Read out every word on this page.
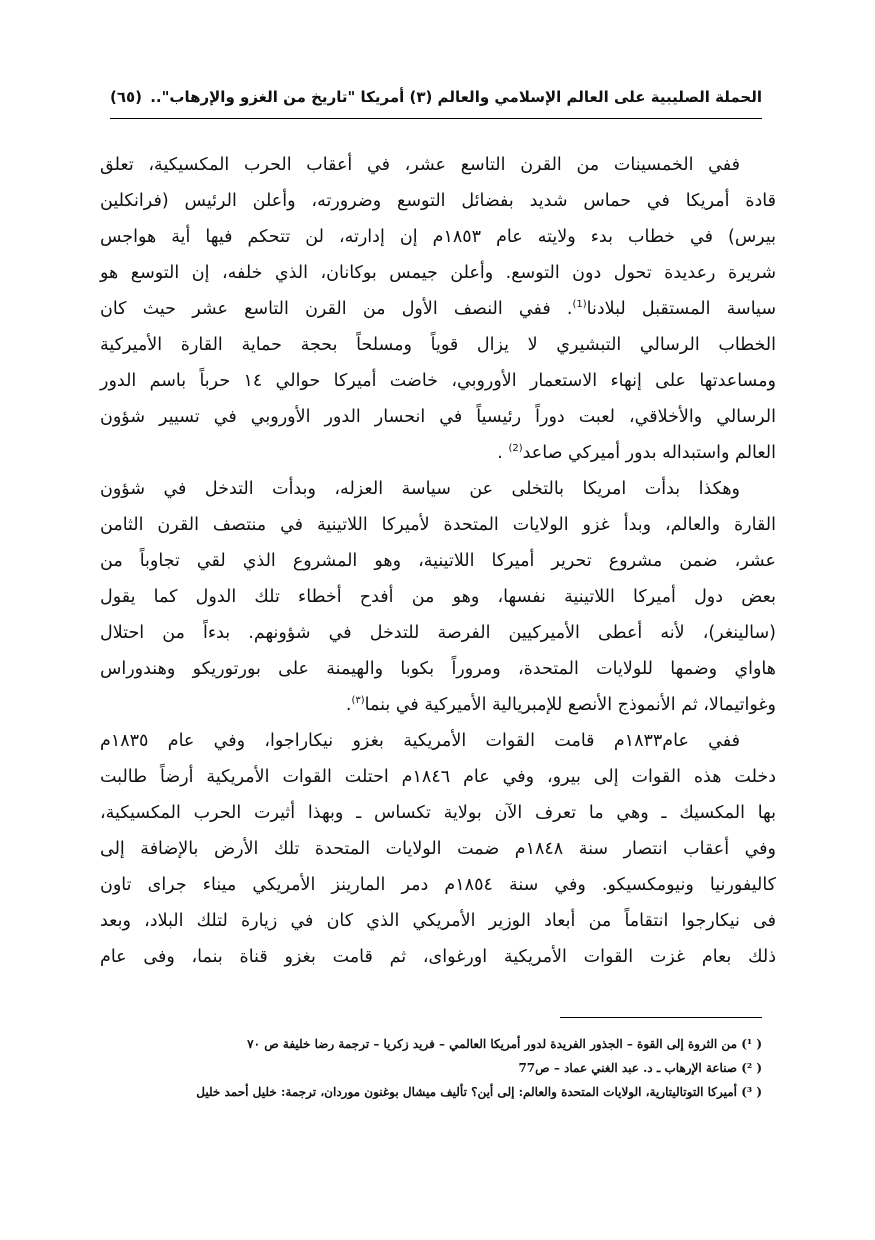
الحملة الصليبية على العالم الإسلامي والعالم (٣) أمريكا "تاريخ من الغزو والإرهاب"..
(٦٥)
ففي الخمسينات من القرن التاسع عشر، في أعقاب الحرب المكسيكية، تعلق
قادة أمريكا في حماس شديد بفضائل التوسع وضرورته، وأعلن الرئيس (فرانكلين
بيرس) في خطاب بدء ولايته عام ١٨٥٣م إن إدارته، لن تتحكم فيها أية هواجس
شريرة رعديدة تحول دون التوسع. وأعلن جيمس بوكانان، الذي خلفه، إن التوسع هو
سياسة المستقبل لبلادنا$^{(1)}$. ففي النصف الأول من القرن التاسع عشر حيث كان
الخطاب الرسالي التبشيري لا يزال قوياً ومسلحاً بحجة حماية القارة الأميركية
ومساعدتها على إنهاء الاستعمار الأوروبي، خاضت أميركا حوالي ١٤ حرباً باسم الدور
الرسالي والأخلاقي، لعبت دوراً رئيسياً في انحسار الدور الأوروبي في تسيير شؤون
العالم واستبداله بدور أميركي صاعد$^{(2)}$ .
وهكذا بدأت امريكا بالتخلى عن سياسة العزله، وبدأت التدخل في شؤون
القارة والعالم، وبدأ غزو الولايات المتحدة لأميركا اللاتينية في منتصف القرن الثامن
عشر، ضمن مشروع تحرير أميركا اللاتينية، وهو المشروع الذي لقي تجاوباً من
بعض دول أميركا اللاتينية نفسها، وهو من أفدح أخطاء تلك الدول كما يقول
(سالينغر)، لأنه أعطى الأميركيين الفرصة للتدخل في شؤونهم. بدءاً من احتلال
هاواي وضمها للولايات المتحدة، ومروراً بكوبا والهيمنة على بورتوريكو وهندوراس
وغواتيمالا، ثم الأنموذج الأنصع للإمبريالية الأميركية في بنما$^{(٣)}$.
ففي عام١٨٣٣م قامت القوات الأمريكية بغزو نيكاراجوا، وفي عام ١٨٣٥م
دخلت هذه القوات إلى بيرو، وفي عام ١٨٤٦م احتلت القوات الأمريكية أرضاً طالبت
بها المكسيك ـ وهي ما تعرف الآن بولاية تكساس ـ وبهذا أثيرت الحرب المكسيكية،
وفي أعقاب انتصار سنة ١٨٤٨م ضمت الولايات المتحدة تلك الأرض بالإضافة إلى
كاليفورنيا ونيومكسيكو. وفي سنة ١٨٥٤م دمر المارينز الأمريكي ميناء جراى تاون
فى نيكارجوا انتقاماً من أبعاد الوزير الأمريكي الذي كان في زيارة لتلك البلاد، وبعد
ذلك بعام غزت القوات الأمريكية اورغواى، ثم قامت بغزو قناة بنما، وفى عام
( ¹) من الثروة إلى القوة – الجذور الفريدة لدور أمريكا العالمي – فريد زكريا – ترجمة رضا خليفة ص ٧٠
( ²) صناعة الإرهاب ـ د. عبد الغني عماد – ص77
( ³) أميركا التوتاليتارية، الولايات المتحدة والعالم: إلى أين؟ تأليف ميشال بوغنون موردان، ترجمة: خليل أحمد خليل
